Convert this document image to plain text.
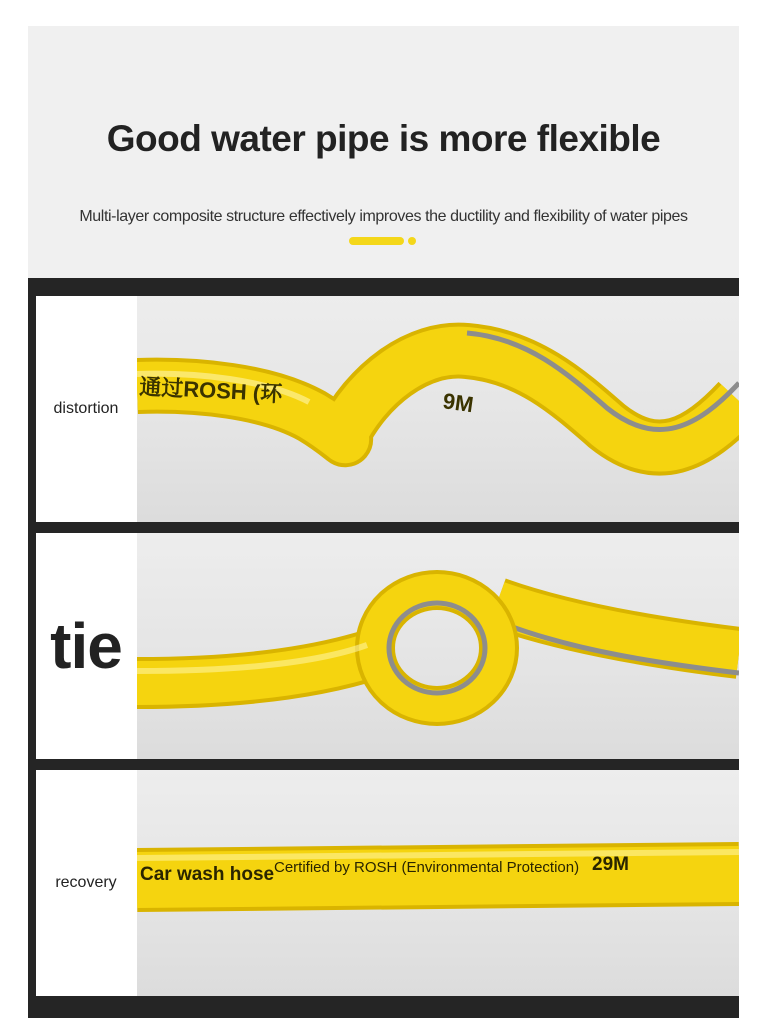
Good water pipe is more flexible

Multi-layer composite structure effectively improves the ductility and flexibility of water pipes

distortion
通过ROSH (环	9M
tie
recovery	Car wash hose Certified by ROSH (Environmental Protection) 29M
